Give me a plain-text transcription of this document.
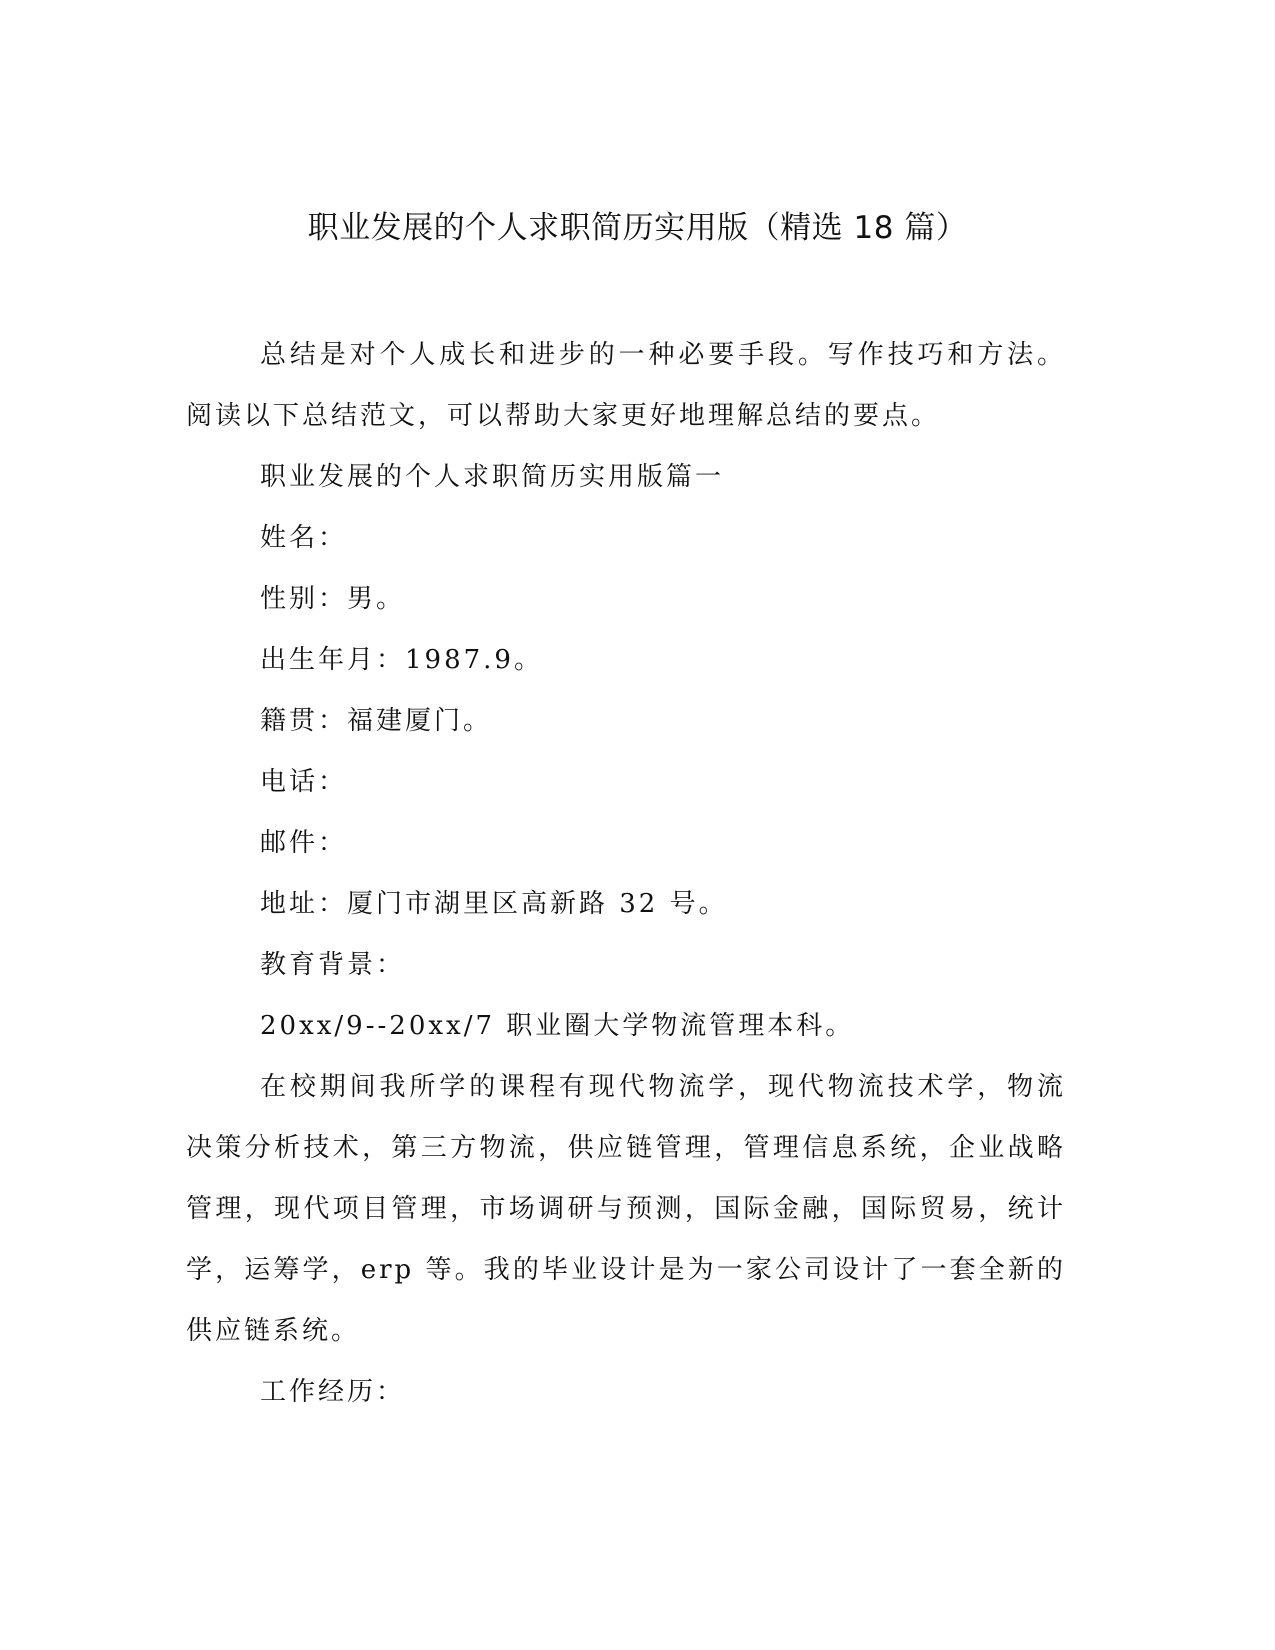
职业发展的个人求职简历实用版（精选 18 篇）

总结是对个人成长和进步的一种必要手段。写作技巧和方法。阅读以下总结范文，可以帮助大家更好地理解总结的要点。

职业发展的个人求职简历实用版篇一

姓名：

性别：男。

出生年月：1987.9。

籍贯：福建厦门。

电话：

邮件：

地址：厦门市湖里区高新路 32 号。

教育背景：

20xx/9--20xx/7 职业圈大学物流管理本科。

在校期间我所学的课程有现代物流学，现代物流技术学，物流决策分析技术，第三方物流，供应链管理，管理信息系统，企业战略管理，现代项目管理，市场调研与预测，国际金融，国际贸易，统计学，运筹学，erp 等。我的毕业设计是为一家公司设计了一套全新的供应链系统。

工作经历：
